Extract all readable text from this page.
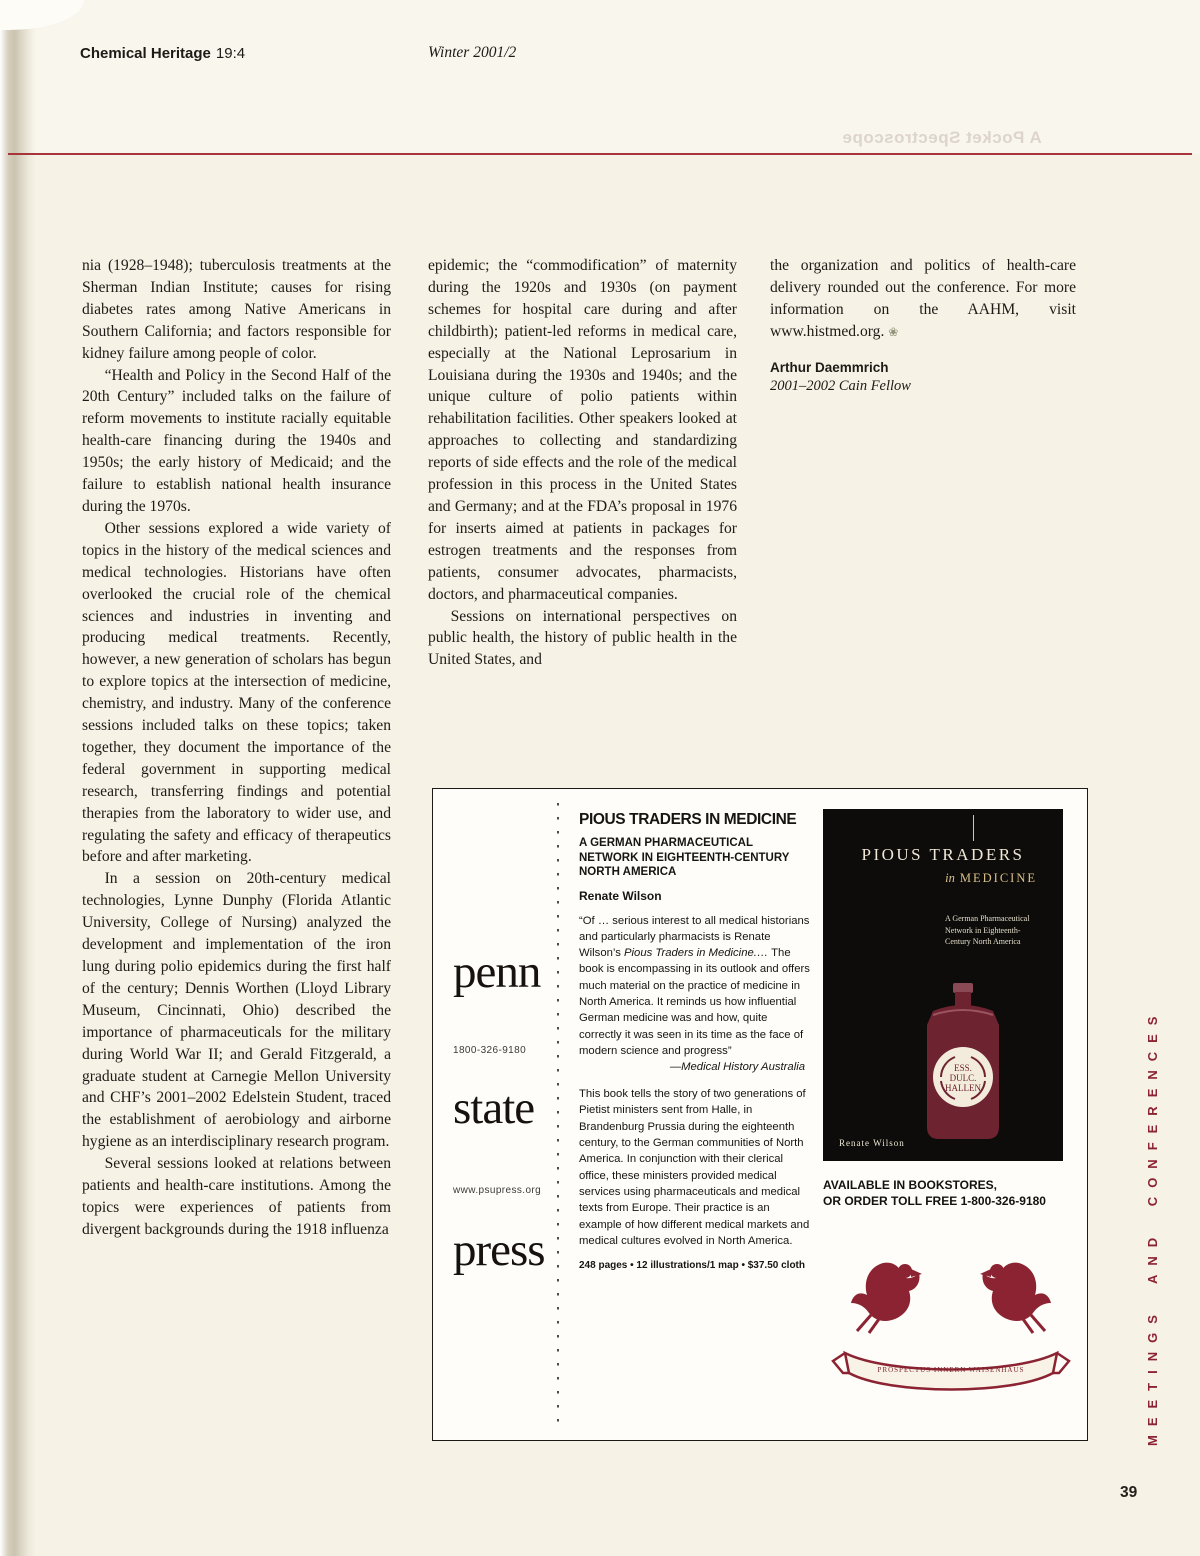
Chemical Heritage 19:4	Winter 2001/2
A Pocket Spectroscope

nia (1928–1948); tuberculosis treatments at the Sherman Indian Institute; causes for rising diabetes rates among Native Americans in Southern California; and factors responsible for kidney failure among people of color.

“Health and Policy in the Second Half of the 20th Century” included talks on the failure of reform movements to institute racially equitable health-care financing during the 1940s and 1950s; the early history of Medicaid; and the failure to establish national health insurance during the 1970s.

Other sessions explored a wide variety of topics in the history of the medical sciences and medical technologies. Historians have often overlooked the crucial role of the chemical sciences and industries in inventing and producing medical treatments. Recently, however, a new generation of scholars has begun to explore topics at the intersection of medicine, chemistry, and industry. Many of the conference sessions included talks on these topics; taken together, they document the importance of the federal government in supporting medical research, transferring findings and potential therapies from the laboratory to wider use, and regulating the safety and efficacy of therapeutics before and after marketing.

In a session on 20th-century medical technologies, Lynne Dunphy (Florida Atlantic University, College of Nursing) analyzed the development and implementation of the iron lung during polio epidemics during the first half of the century; Dennis Worthen (Lloyd Library Museum, Cincinnati, Ohio) described the importance of pharmaceuticals for the military during World War II; and Gerald Fitzgerald, a graduate student at Carnegie Mellon University and CHF’s 2001–2002 Edelstein Student, traced the establishment of aerobiology and airborne hygiene as an interdisciplinary research program.

Several sessions looked at relations between patients and health-care institutions. Among the topics were experiences of patients from divergent backgrounds during the 1918 influenza

epidemic; the “commodification” of maternity during the 1920s and 1930s (on payment schemes for hospital care during and after childbirth); patient-led reforms in medical care, especially at the National Leprosarium in Louisiana during the 1930s and 1940s; and the unique culture of polio patients within rehabilitation facilities. Other speakers looked at approaches to collecting and standardizing reports of side effects and the role of the medical profession in this process in the United States and Germany; and at the FDA’s proposal in 1976 for inserts aimed at patients in packages for estrogen treatments and the responses from patients, consumer advocates, pharmacists, doctors, and pharmaceutical companies.

Sessions on international perspectives on public health, the history of public health in the United States, and

the organization and politics of health-care delivery rounded out the conference. For more information on the AAHM, visit www.histmed.org. ❀

Arthur Daemmrich
2001–2002 Cain Fellow
penn
1800-326-9180
state
www.psupress.org
press
PIOUS TRADERS IN MEDICINE
A GERMAN PHARMACEUTICAL NETWORK IN EIGHTEENTH-CENTURY NORTH AMERICA
Renate Wilson
“Of … serious interest to all medical historians and particularly pharmacists is Renate Wilson’s Pious Traders in Medicine.… The book is encompassing in its outlook and offers much material on the practice of medicine in North America. It reminds us how influential German medicine was and how, quite correctly it was seen in its time as the face of modern science and progress”
—Medical History Australia
This book tells the story of two generations of Pietist ministers sent from Halle, in Brandenburg Prussia during the eighteenth century, to the German communities of North America. In conjunction with their clerical office, these ministers provided medical services using pharmaceuticals and medical texts from Europe. Their practice is an example of how different medical markets and medical cultures evolved in North America.
248 pages • 12 illustrations/1 map • $37.50 cloth
PIOUS TRADERS
in MEDICINE
A German Pharmaceutical Network in Eighteenth-Century North America
ESS.
DULC.
HALLEN
Renate Wilson
AVAILABLE IN BOOKSTORES,
OR ORDER TOLL FREE 1-800-326-9180
PROSPECTUS INNERN WAISENHAUS	MEETINGS AND CONFERENCES
39
